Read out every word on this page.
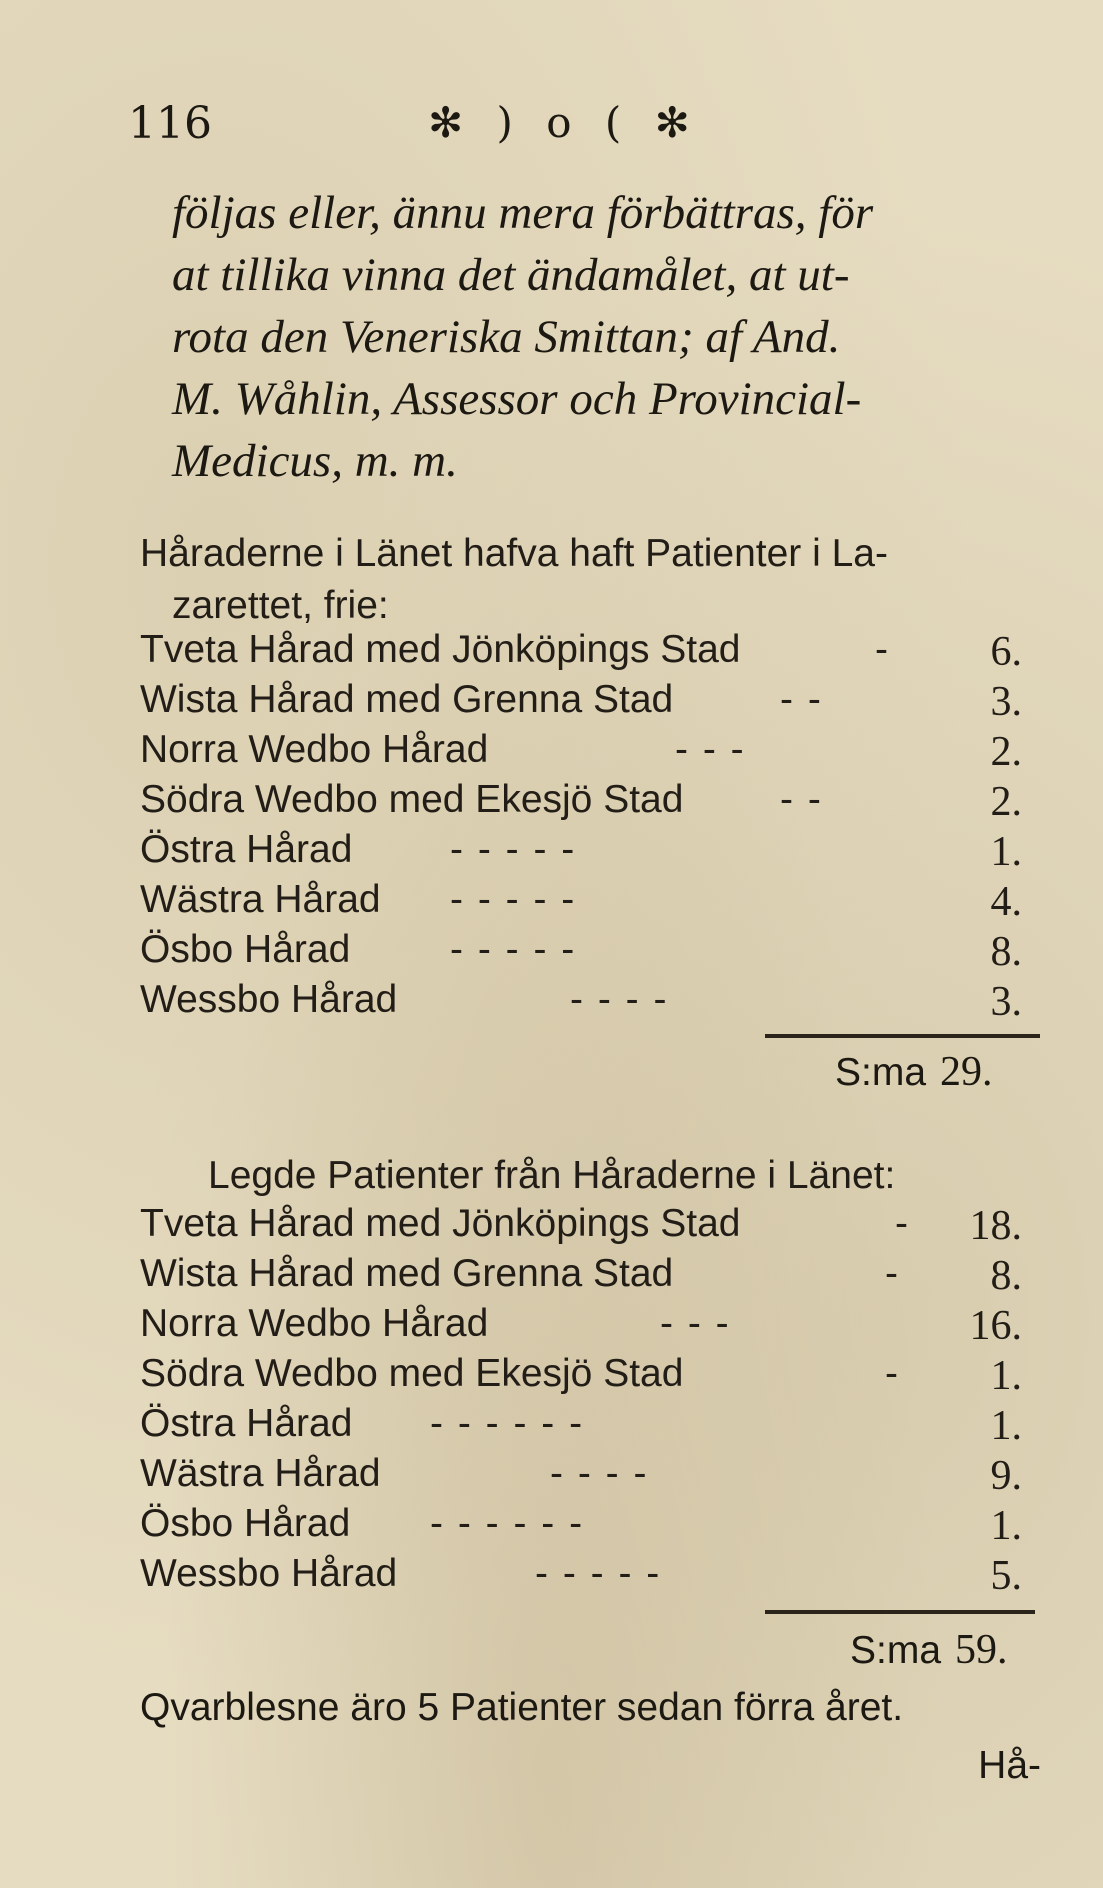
116	✻ ) o ( ✻
följas eller, ännu mera förbättras, för
at tillika vinna det ändamålet, at ut-
rota den Veneriska Smittan; af And.
M. Wåhlin, Assessor och Provincial-
Medicus, m. m.
Håraderne i Länet hafva haft Patienter i La-
zarettet, frie:
Tveta Hårad med Jönköpings Stad	- 6.
Wista Hårad med Grenna Stad	- -	3.
Norra Wedbo Hårad	- - -	2.
Södra Wedbo med Ekesjö Stad - -	2.
Östra Hårad	- - - - -	1.
Wästra Hårad - - - - -	4.
Ösbo Hårad	- - - - -	8.
Wessbo Hårad	- - - -	3.
S:ma 29.
Legde Patienter från Håraderne i Länet:
Tveta Hårad med Jönköpings Stad	- 18.
Wista Hårad med Grenna Stad	- 8.
Norra Wedbo Hårad	- - -	16.
Södra Wedbo med Ekesjö Stad	- 1.
Östra Hårad - - - - - -	1.
Wästra Hårad	- - - -	9.
Ösbo Hårad - - - - - -	1.
Wessbo Hårad	- - - - -	5.
S:ma 59.
Qvarblesne äro 5 Patienter sedan förra året.
Hå-
